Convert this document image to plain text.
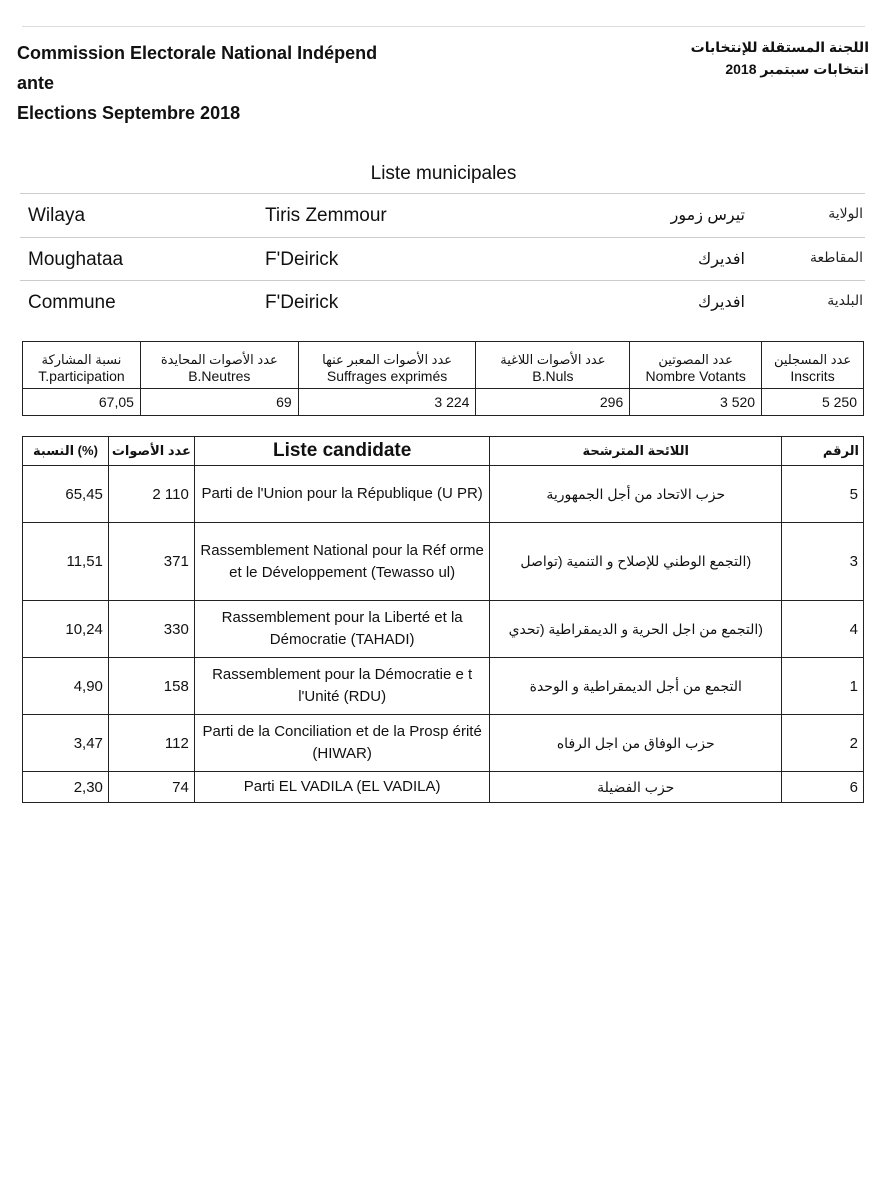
Commission Electorale National Indépend
ante
Elections Septembre 2018
اللجنة المستقلة للإنتخابات
انتخابات سبتمبر 2018
Liste municipales
Wilaya	Tiris Zemmour	تيرس زمور	الولاية
Moughataa	F'Deirick	افديرك	المقاطعة
Commune	F'Deirick	افديرك	البلدية
نسبة المشاركة	عدد الأصوات المحايدة	عدد الأصوات المعبر عنها	عدد الأصوات اللاغية	عدد المصوتين	عدد المسجلين
T.participation	B.Neutres	Suffrages exprimés	B.Nuls	Nombre Votants	Inscrits
67,05	69	3 224	296	3 520	5 250
(%) النسبة	عدد الأصوات	Liste candidate	اللائحة المترشحة	الرقم
65,45	2 110	Parti de l'Union pour la République (U PR)	حزب الاتحاد من أجل الجمهورية	5
11,51	371	Rassemblement National pour la Réf orme et le Développement (Tewasso ul)	(التجمع الوطني للإصلاح و التنمية (تواصل	3
10,24	330	Rassemblement pour la Liberté et la Démocratie (TAHADI)	(التجمع من اجل الحرية و الديمقراطية (تحدي	4
4,90	158	Rassemblement pour la Démocratie e t l'Unité (RDU)	التجمع من أجل الديمقراطية و الوحدة	1
3,47	112	Parti de la Conciliation et de la Prosp érité (HIWAR)	حزب الوفاق من اجل الرفاه	2
2,30	74	Parti EL VADILA (EL VADILA)	حزب الفضيلة	6
